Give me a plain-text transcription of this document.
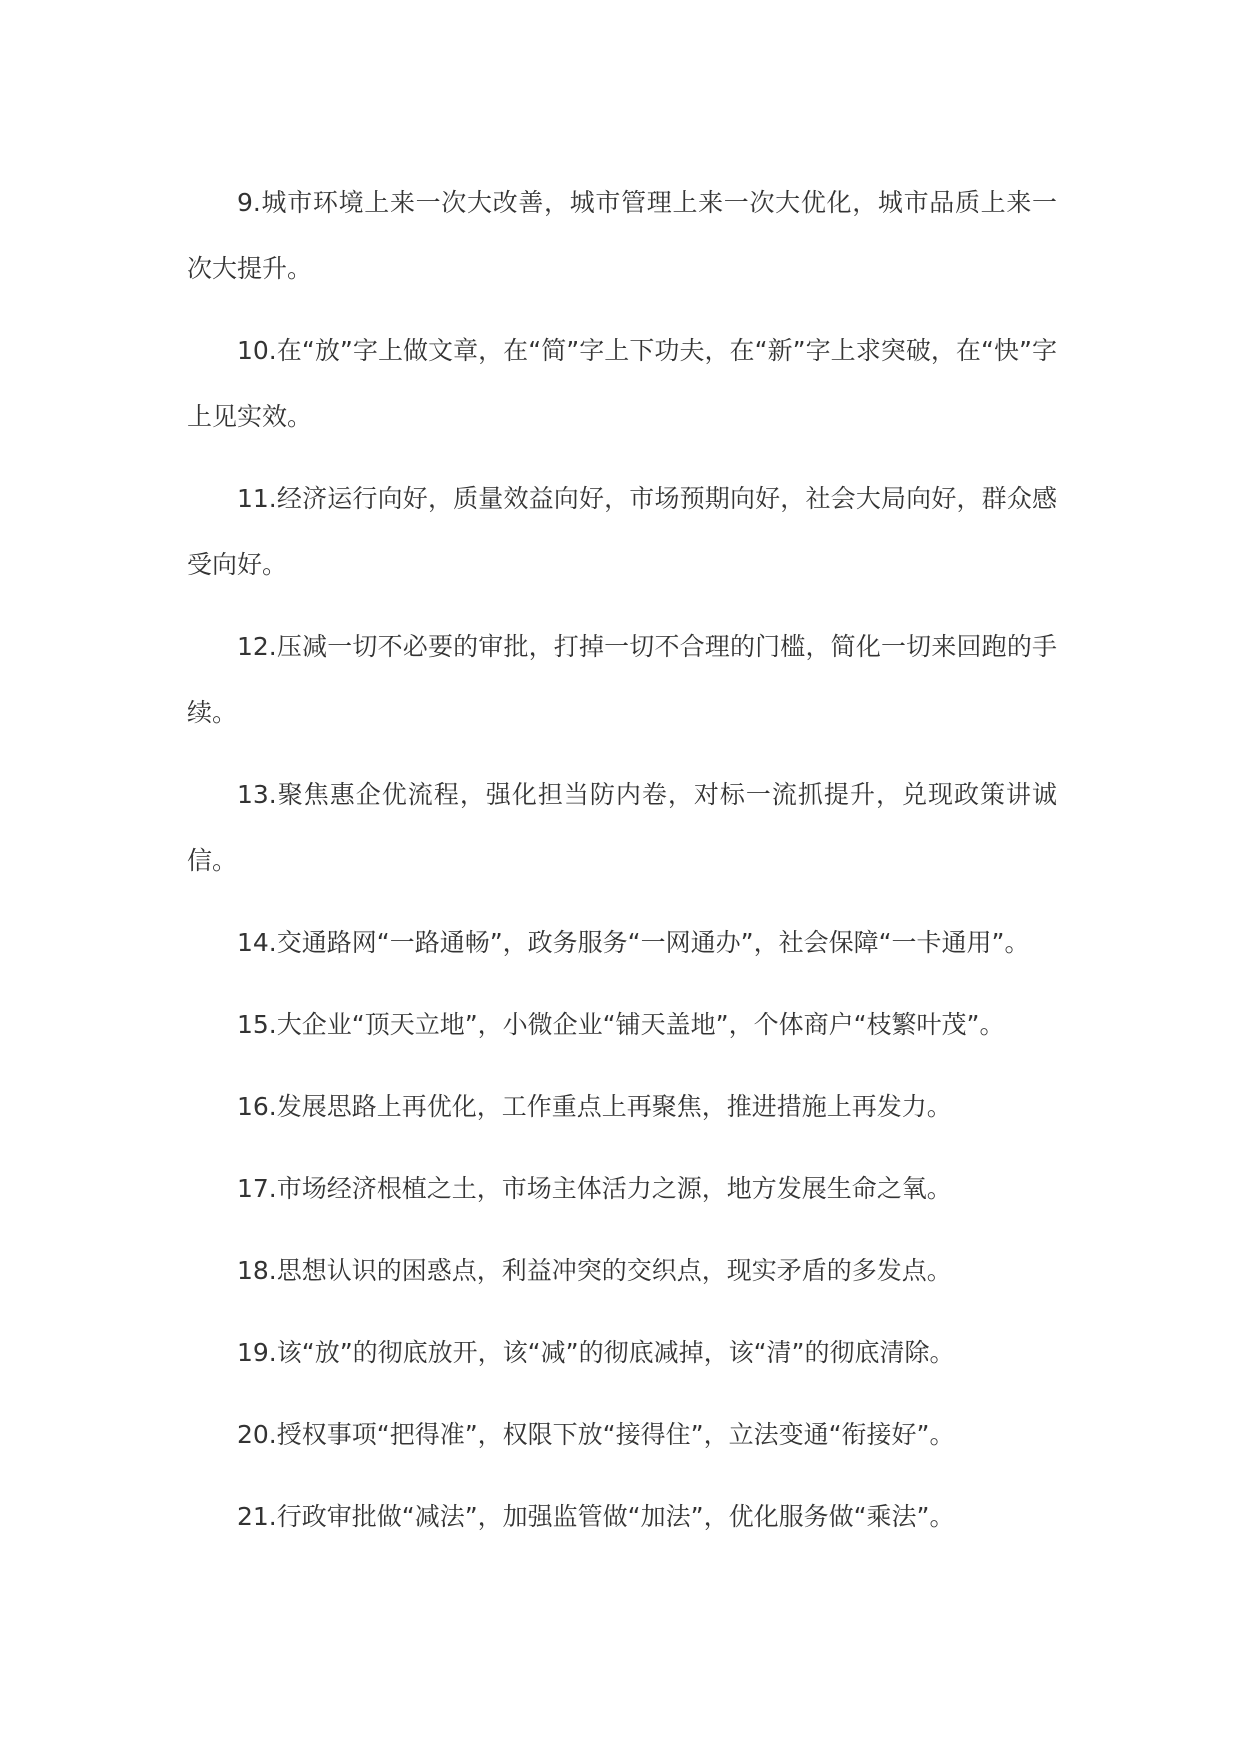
9.城市环境上来一次大改善，城市管理上来一次大优化，城市品质上来一次大提升。

10.在“放”字上做文章，在“简”字上下功夫，在“新”字上求突破，在“快”字上见实效。

11.经济运行向好，质量效益向好，市场预期向好，社会大局向好，群众感受向好。

12.压减一切不必要的审批，打掉一切不合理的门槛，简化一切来回跑的手续。

13.聚焦惠企优流程，强化担当防内卷，对标一流抓提升，兑现政策讲诚信。

14.交通路网“一路通畅”，政务服务“一网通办”，社会保障“一卡通用”。

15.大企业“顶天立地”，小微企业“铺天盖地”，个体商户“枝繁叶茂”。

16.发展思路上再优化，工作重点上再聚焦，推进措施上再发力。

17.市场经济根植之土，市场主体活力之源，地方发展生命之氧。

18.思想认识的困惑点，利益冲突的交织点，现实矛盾的多发点。

19.该“放”的彻底放开，该“减”的彻底减掉，该“清”的彻底清除。

20.授权事项“把得准”，权限下放“接得住”，立法变通“衔接好”。

21.行政审批做“减法”，加强监管做“加法”，优化服务做“乘法”。
